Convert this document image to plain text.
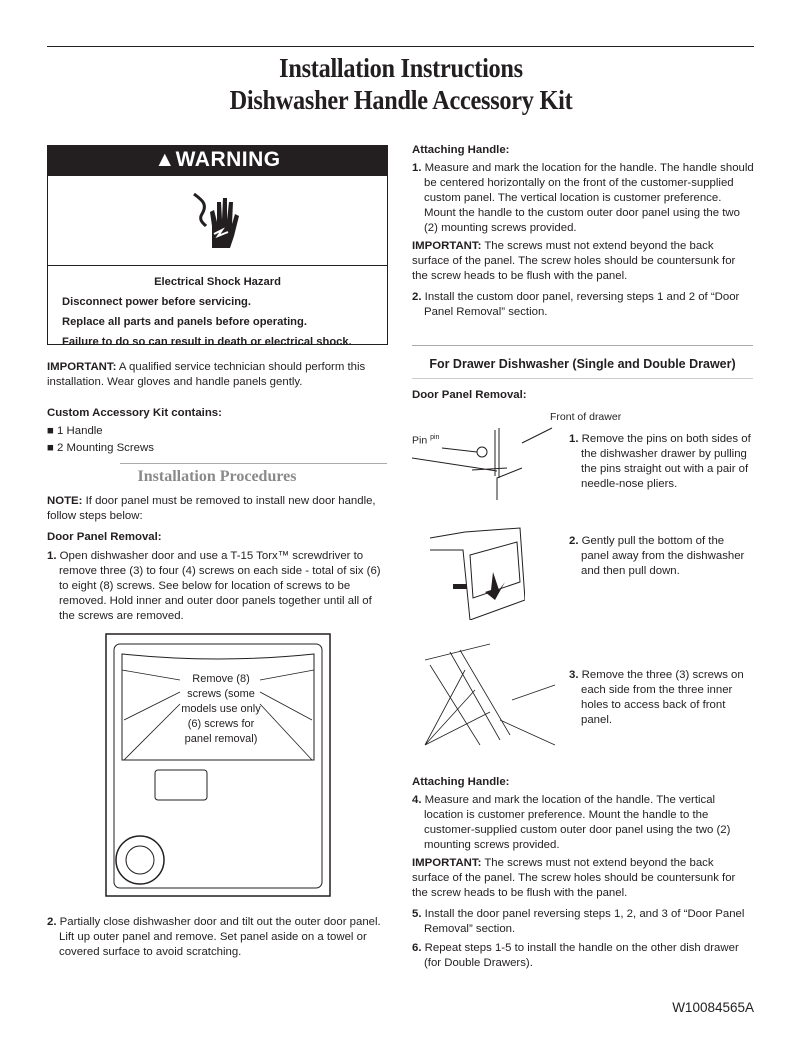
Installation Instructions
Dishwasher Handle Accessory Kit
▲WARNING
Electrical Shock Hazard
Disconnect power before servicing.
Replace all parts and panels before operating.
Failure to do so can result in death or electrical shock.

IMPORTANT: A qualified service technician should perform this installation. Wear gloves and handle panels gently.

Custom Accessory Kit contains:

■ 1 Handle

■ 2 Mounting Screws

Installation Procedures

NOTE: If door panel must be removed to install new door handle, follow steps below:

Door Panel Removal:

1. Open dishwasher door and use a T-15 Torx™ screwdriver to remove three (3) to four (4) screws on each side - total of six (6) to eight (8) screws. See below for location of screws to be removed. Hold inner and outer door panels together until all of the screws are removed.

Remove (8)
screws (some
models use only
(6) screws for
panel removal)

2. Partially close dishwasher door and tilt out the outer door panel. Lift up outer panel and remove. Set panel aside on a towel or covered surface to avoid scratching.

Attaching Handle:

1. Measure and mark the location for the handle. The handle should be centered horizontally on the front of the customer-supplied custom panel. The vertical location is customer preference. Mount the handle to the custom outer door panel using the two (2) mounting screws provided.

IMPORTANT: The screws must not extend beyond the back surface of the panel. The screw holes should be countersunk for the screw heads to be flush with the panel.

2. Install the custom door panel, reversing steps 1 and 2 of “Door Panel Removal” section.

For Drawer Dishwasher (Single and Double Drawer)
Door Panel Removal:
Front of drawer
Pin $^{pin}$	1. Remove the pins on both sides of the dishwasher drawer by pulling the pins straight out with a pair of needle-nose pliers.

2. Gently pull the bottom of the panel away from the dishwasher and then pull down.

3. Remove the three (3) screws on each side from the three inner holes to access back of front panel.

Attaching Handle:

4. Measure and mark the location of the handle. The vertical location is customer preference. Mount the handle to the customer-supplied custom outer door panel using the two (2) mounting screws provided.

IMPORTANT: The screws must not extend beyond the back surface of the panel. The screw holes should be countersunk for the screw heads to be flush with the panel.

5. Install the door panel reversing steps 1, 2, and 3 of “Door Panel Removal” section.

6. Repeat steps 1-5 to install the handle on the other dish drawer (for Double Drawers).

W10084565A
